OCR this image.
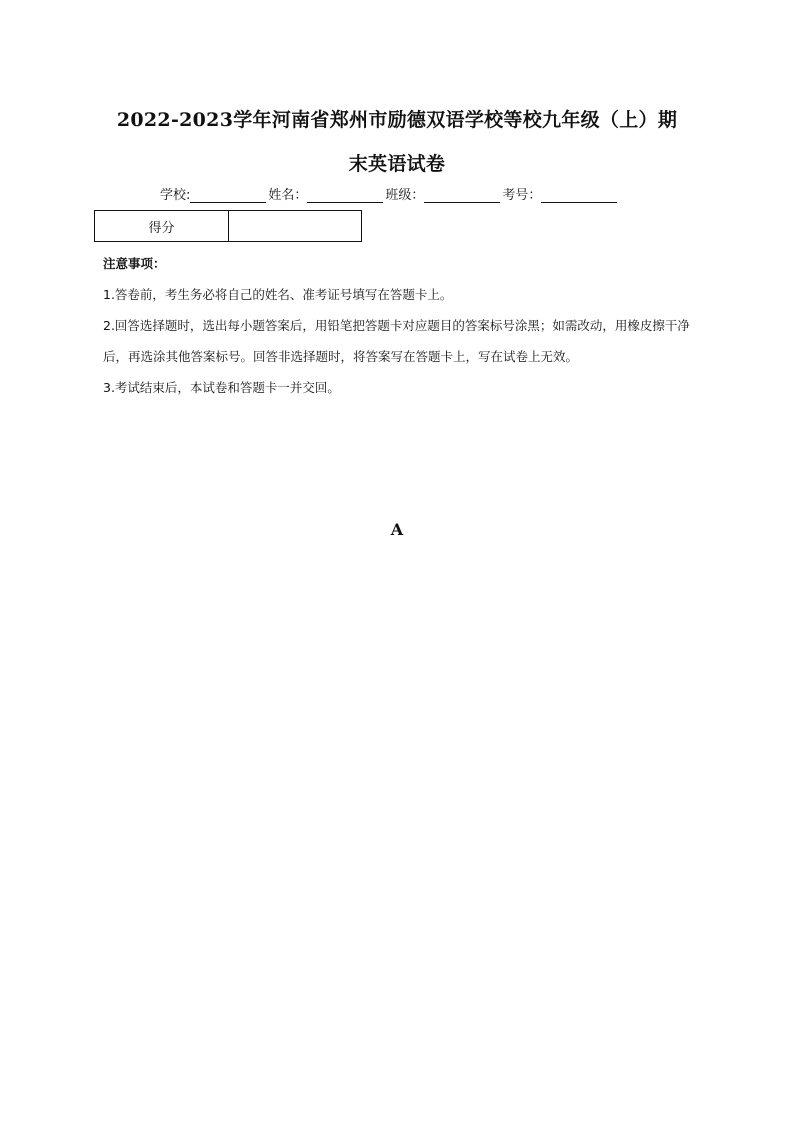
2022-2023学年河南省郑州市励德双语学校等校九年级（上）期
末英语试卷
学校:	姓名：	班级：	考号：
得分	

注意事项：

1.答卷前，考生务必将自己的姓名、准考证号填写在答题卡上。

2.回答选择题时，选出每小题答案后，用铅笔把答题卡对应题目的答案标号涂黑；如需改动，用橡皮擦干净后，再选涂其他答案标号。回答非选择题时，将答案写在答题卡上，写在试卷上无效。

3.考试结束后，本试卷和答题卡一并交回。

A
